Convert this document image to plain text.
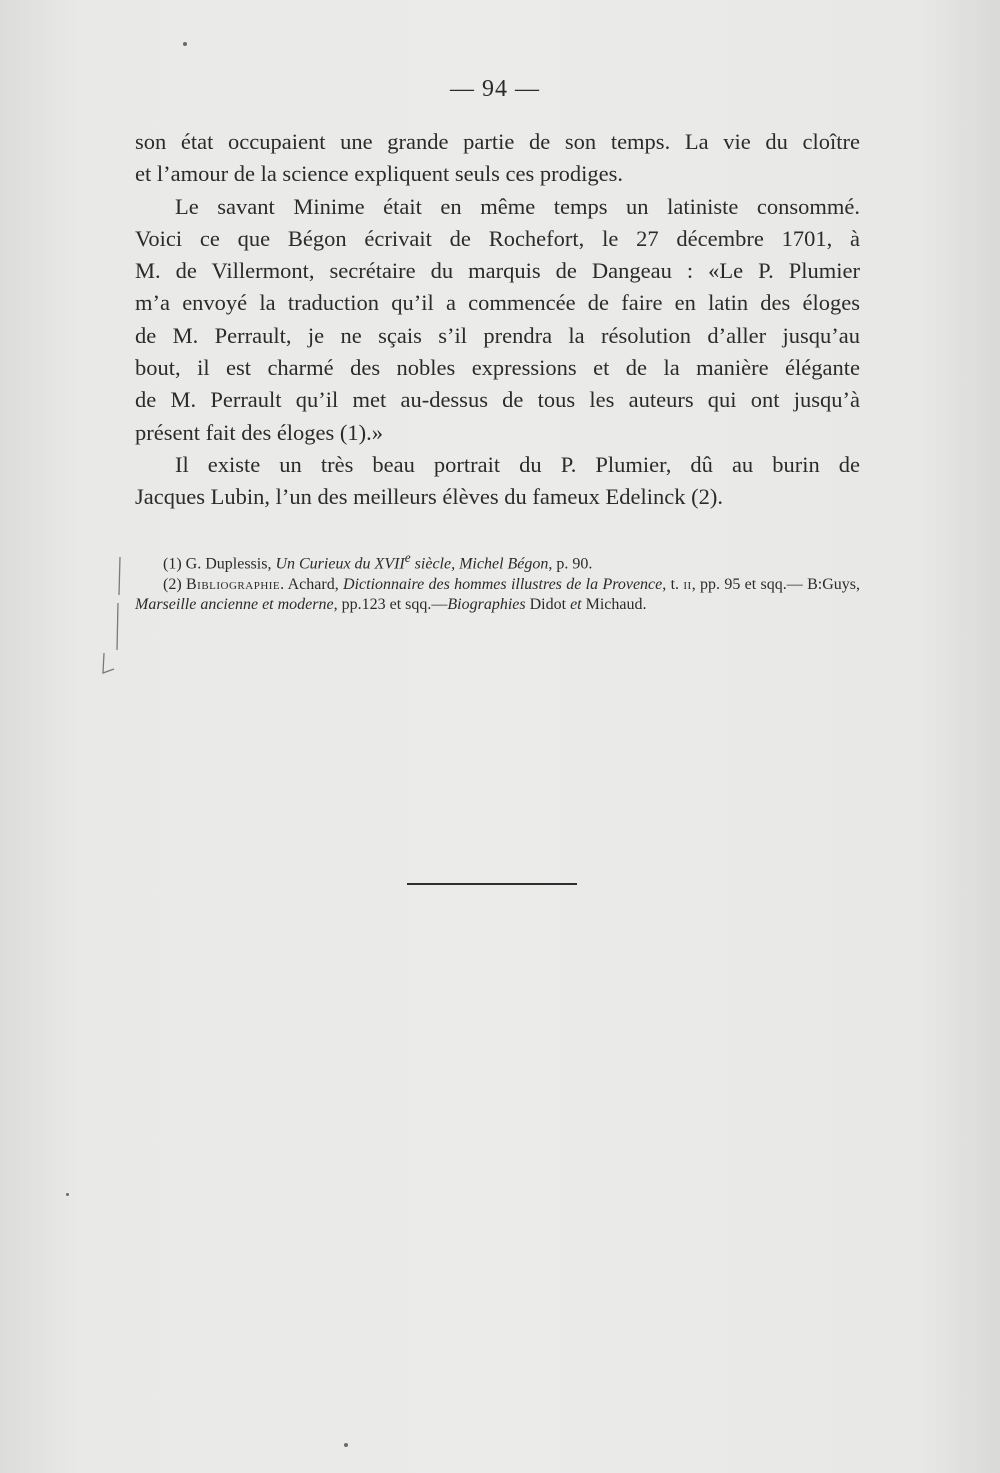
— 94 —

son état occupaient une grande partie de son temps. La vie du cloître

et l’amour de la science expliquent seuls ces prodiges.

Le savant Minime était en même temps un latiniste consommé.

Voici ce que Bégon écrivait de Rochefort, le 27 décembre 1701, à

M. de Villermont, secrétaire du marquis de Dangeau : «Le P. Plumier

m’a envoyé la traduction qu’il a commencée de faire en latin des éloges

de M. Perrault, je ne sçais s’il prendra la résolution d’aller jusqu’au

bout, il est charmé des nobles expressions et de la manière élégante

de M. Perrault qu’il met au-dessus de tous les auteurs qui ont jusqu’à

présent fait des éloges (1).»

Il existe un très beau portrait du P. Plumier, dû au burin de

Jacques Lubin, l’un des meilleurs élèves du fameux Edelinck (2).

(1) G. Duplessis, Un Curieux du XVIIe siècle, Michel Bégon, p. 90.

(2) Bibliographie. Achard, Dictionnaire des hommes illustres de la Provence, t. ii, pp. 95 et sqq.— B:Guys, Marseille ancienne et moderne, pp.123 et sqq.—Biographies Didot et Michaud.
